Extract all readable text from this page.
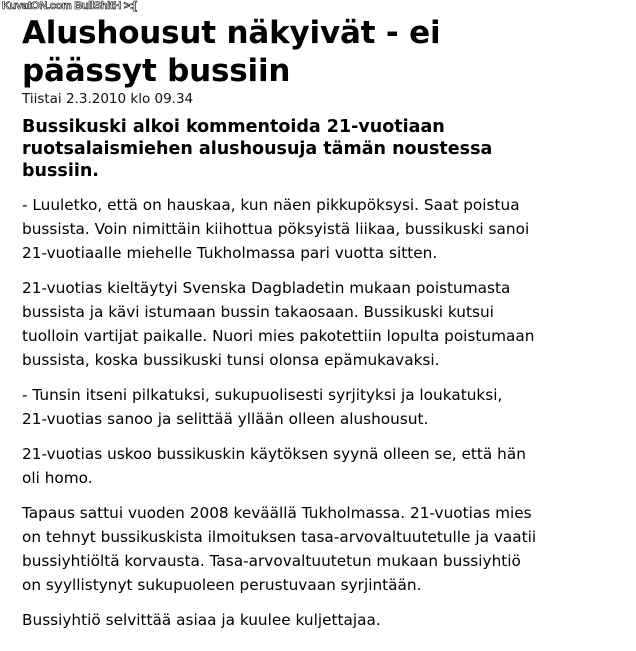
KuvatON.com BullShitH >:[
Alushousut näkyivät - ei
päässyt bussiin
Tiistai 2.3.2010 klo 09.34
Bussikuski alkoi kommentoida 21-vuotiaan
ruotsalaismiehen alushousuja tämän noustessa
bussiin.

- Luuletko, että on hauskaa, kun näen pikkupöksysi. Saat poistua
bussista. Voin nimittäin kiihottua pöksyistä liikaa, bussikuski sanoi
21-vuotiaalle miehelle Tukholmassa pari vuotta sitten.

21-vuotias kieltäytyi Svenska Dagbladetin mukaan poistumasta
bussista ja kävi istumaan bussin takaosaan. Bussikuski kutsui
tuolloin vartijat paikalle. Nuori mies pakotettiin lopulta poistumaan
bussista, koska bussikuski tunsi olonsa epämukavaksi.

- Tunsin itseni pilkatuksi, sukupuolisesti syrjityksi ja loukatuksi,
21-vuotias sanoo ja selittää yllään olleen alushousut.

21-vuotias uskoo bussikuskin käytöksen syynä olleen se, että hän
oli homo.

Tapaus sattui vuoden 2008 keväällä Tukholmassa. 21-vuotias mies
on tehnyt bussikuskista ilmoituksen tasa-arvovaltuutetulle ja vaatii
bussiyhtiöltä korvausta. Tasa-arvovaltuutetun mukaan bussiyhtiö
on syyllistynyt sukupuoleen perustuvaan syrjintään.

Bussiyhtiö selvittää asiaa ja kuulee kuljettajaa.
